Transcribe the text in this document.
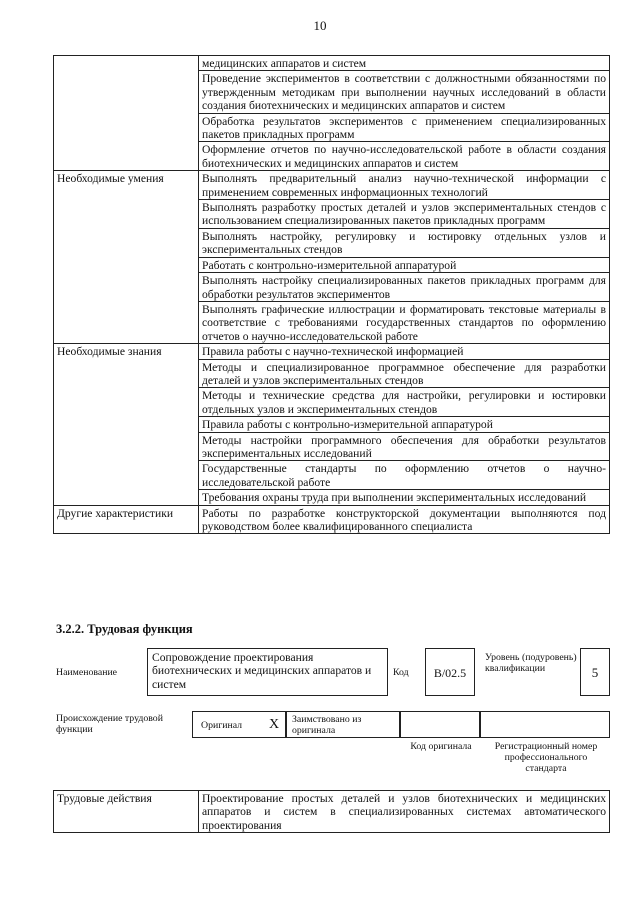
10
	медицинских аппаратов и систем
	Проведение экспериментов в соответствии с должностными обязанностями по утвержденным методикам при выполнении научных исследований в области создания биотехнических и медицинских аппаратов и систем
	Обработка результатов экспериментов с применением специализированных пакетов прикладных программ
	Оформление отчетов по научно-исследовательской работе в области создания биотехнических и медицинских аппаратов и систем
Необходимые умения	Выполнять предварительный анализ научно-технической информации с применением современных информационных технологий
	Выполнять разработку простых деталей и узлов экспериментальных стендов с использованием специализированных пакетов прикладных программ
	Выполнять настройку, регулировку и юстировку отдельных узлов и экспериментальных стендов
	Работать с контрольно-измерительной аппаратурой
	Выполнять настройку специализированных пакетов прикладных программ для обработки результатов экспериментов
	Выполнять графические иллюстрации и форматировать текстовые материалы в соответствие с требованиями государственных стандартов по оформлению отчетов о научно-исследовательской работе
Необходимые знания	Правила работы с научно-технической информацией
	Методы и специализированное программное обеспечение для разработки деталей и узлов экспериментальных стендов
	Методы и технические средства для настройки, регулировки и юстировки отдельных узлов и экспериментальных стендов
	Правила работы с контрольно-измерительной аппаратурой
	Методы настройки программного обеспечения для обработки результатов экспериментальных исследований
	Государственные стандарты по оформлению отчетов о научно-исследовательской работе
	Требования охраны труда при выполнении экспериментальных исследований
Другие характеристики	Работы по разработке конструкторской документации выполняются под руководством более квалифицированного специалиста
3.2.2. Трудовая функция
Наименование
Сопровождение проектирования биотехнических и медицинских аппаратов и систем
Код	B/02.5
Уровень (подуровень) квалификации	5
Происхождение трудовой функции	Оригинал X Заимствовано из оригинала
Код оригинала	Регистрационный номер профессионального стандарта
Трудовые действия	Проектирование простых деталей и узлов биотехнических и медицинских аппаратов и систем в специализированных системах автоматического проектирования
